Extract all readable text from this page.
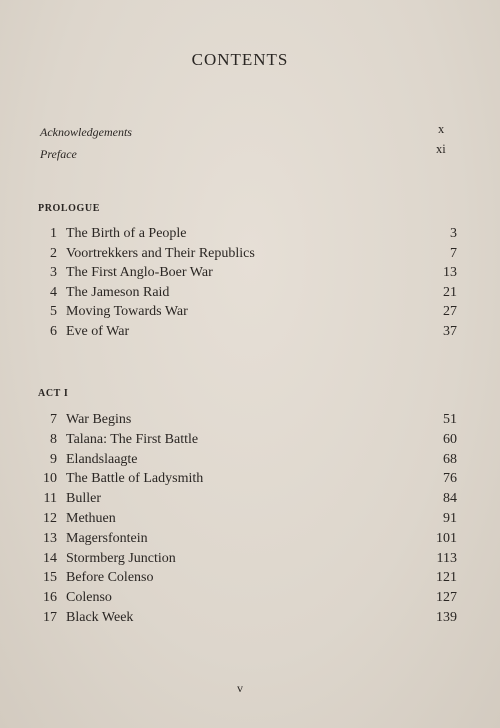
CONTENTS
Acknowledgements	x
Preface	xi
PROLOGUE
1 The Birth of a People	3
2 Voortrekkers and Their Republics	7
3 The First Anglo-Boer War	13
4 The Jameson Raid	21
5 Moving Towards War	27
6 Eve of War	37
ACT I
7 War Begins	51
8 Talana: The First Battle	60
9 Elandslaagte	68
10 The Battle of Ladysmith	76
11 Buller	84
12 Methuen	91
13 Magersfontein	101
14 Stormberg Junction	113
15 Before Colenso	121
16 Colenso	127
17 Black Week	139
v
